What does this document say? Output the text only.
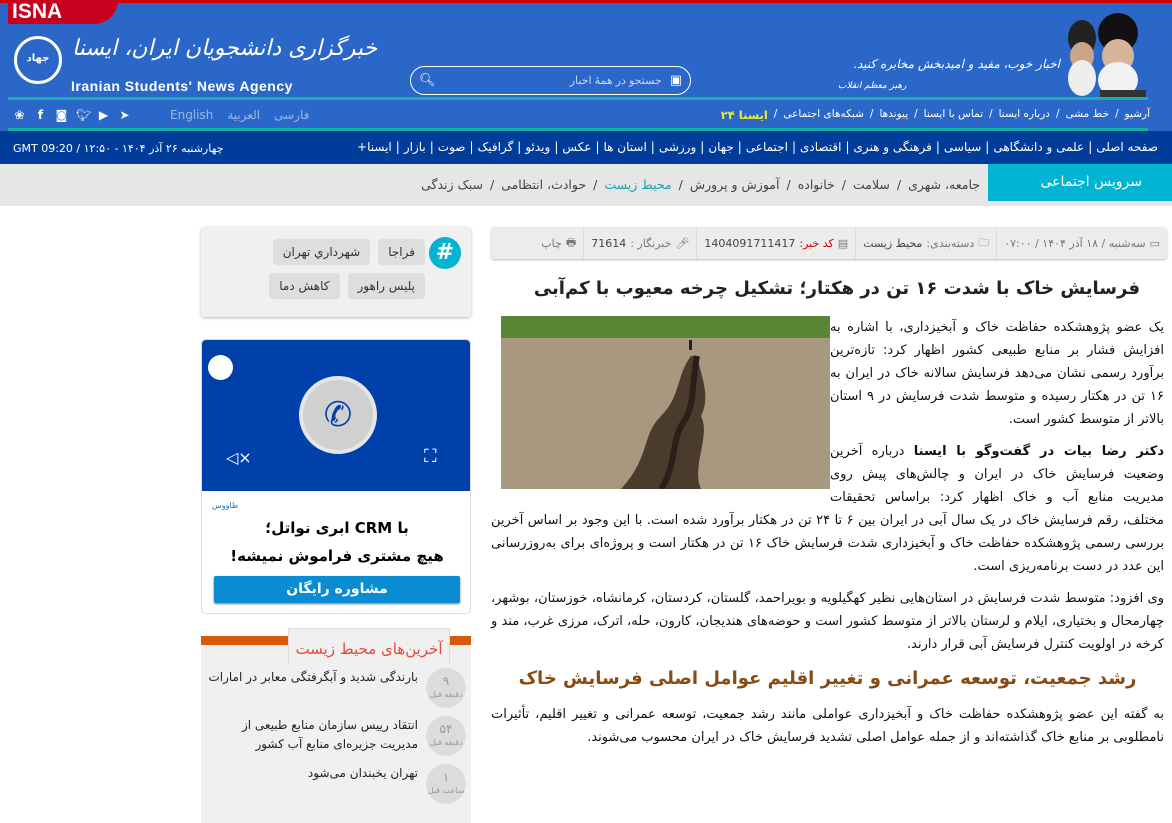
ISNA
جهاد	خبرگزاری دانشجویان ایران، ایسنا
Iranian Students' News Agency	▣
جستجو در همهٔ اخبار
🔍︎
اخبار خوب، مفید و امیدبخش مخابره کنید.
رهبر معظم انقلاب
آرشیو
/
خط مشی
/
درباره ایسنا
/
تماس با ایسنا
/
پیوندها
/
شبکه‌های اجتماعی
/
ایسنا ۲۴
❀	f	◙ 🐦︎ ▶ ➤	English العربية فارسی
صفحه اصلی|علمی و دانشگاهی|سیاسی|فرهنگی و هنری|اقتصادی|اجتماعی|جهان|ورزشی|استان ها|عکس|ویدئو|گرافیک|صوت|بازار|ایسنا+
چهارشنبه ۲۶ آذر ۱۴۰۴ - ۱۲:۵۰ / GMT 09:20
سرویس اجتماعی
جامعه، شهری/سلامت/خانواده/آموزش و پرورش/محیط زیست/حوادث، انتظامی/سبک زندگی
▭
سه‌شنبه / ۱۸ آذر ۱۴۰۴ / ۰۷:۰۰
🗀︎
دسته‌بندی:
محیط زیست
▤
کد خبر:
1404091711417
🎤︎
خبرنگار :
71614
🖶︎
چاپ
فرسایش خاک با شدت ۱۶ تن در هکتار؛ تشکیل چرخه معیوب با کم‌آبی

یک عضو پژوهشکده حفاظت خاک و آبخیزداری، با اشاره به افزایش فشار بر منابع طبیعی کشور اظهار کرد: تازه‌ترین برآورد رسمی نشان می‌دهد فرسایش سالانه خاک در ایران به ۱۶ تن در هکتار رسیده و متوسط شدت فرسایش در ۹ استان بالاتر از متوسط کشور است.

دکتر رضا بیات در گفت‌وگو با ایسنا درباره آخرین وضعیت فرسایش خاک در ایران و چالش‌های پیش روی مدیریت منابع آب و خاک اظهار کرد: براساس تحقیقات مختلف، رقم فرسایش خاک در یک سال آبی در ایران بین ۶ تا ۲۴ تن در هکتار برآورد شده است. با این وجود بر اساس آخرین بررسی رسمی پژوهشکده حفاظت خاک و آبخیزداری شدت فرسایش خاک ۱۶ تن در هکتار است و پروژه‌ای برای به‌روزرسانی این عدد در دست برنامه‌ریزی است.

وی افزود: متوسط شدت فرسایش در استان‌هایی نظیر کهگیلویه و بویراحمد، گلستان، کردستان، کرمانشاه، خوزستان، بوشهر، چهارمحال و بختیاری، ایلام و لرستان بالاتر از متوسط کشور است و حوضه‌های هندیجان، کارون، حله، اترک، مرزی غرب، مند و کرخه در اولویت کنترل فرسایش آبی قرار دارند.

رشد جمعیت، توسعه عمرانی و تغییر اقلیم عوامل اصلی فرسایش خاک

به گفته این عضو پژوهشکده حفاظت خاک و آبخیزداری عواملی مانند رشد جمعیت، توسعه عمرانی و تغییر اقلیم، تأثیرات نامطلوبی بر منابع خاک گذاشته‌اند و از جمله عوامل اصلی تشدید فرسایش خاک در ایران محسوب می‌شوند.

فراجا
شهرداري تهران
پلیس راهور
کاهش دما
#
✆
◁×	⛶
طاووس
با CRM ابری نواتل؛
هیچ مشتری فراموش نمیشه!
مشاوره رایگان
آخرین‌های محیط زیست
۹
دقیقه قبل
بارندگی شدید و آبگرفتگی معابر در امارات
۵۴
دقیقه قبل
انتقاد رییس سازمان منابع طبیعی از مدیریت جزیره‌ای منابع آب کشور
۱
ساعت قبل
تهران یخبندان می‌شود
